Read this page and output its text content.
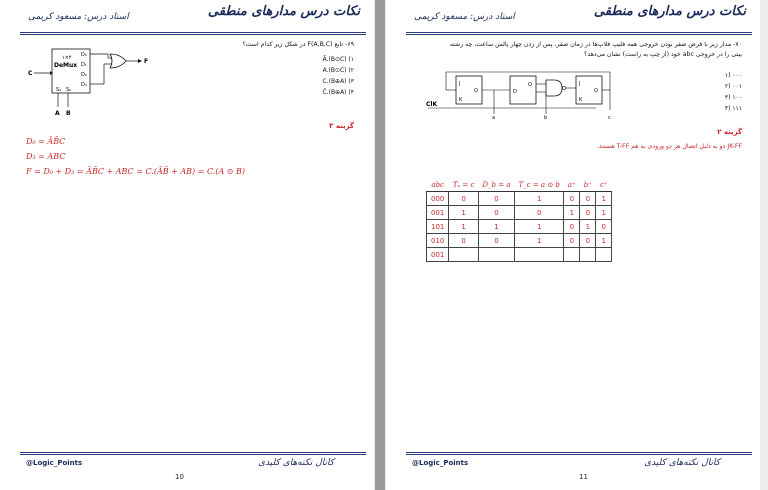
نکات درس مدارهای منطقی
استاد درس: مسعود کریمی
۶۹- تابع F(A,B,C) در شکل زیر کدام است؟
۱×۴
DeMux
D₀
D₁
D₂
D₃
S₁ S₀
F
C
A B
Ā.(B⊙C) (۱
A.(B⊙C) (۲
C.(B⊕A) (۳
C̄.(B⊕A) (۴
گزینه ۳
D₀ = ĀB̄C
D₃ = ABC
F = D₀ + D₃ = ĀB̄C + ABC = C.(ĀB̄ + AB) = C.(A ⊙ B)
@Logic_Points	کانال نکته‌های کلیدی
10
نکات درس مدارهای منطقی
استاد درس: مسعود کریمی
۷۰- مدار زیر با فرض صفر بودن خروجی همه فلیپ فلاپ‌ها در زمان صفر، پس از زدن چهار پالس ساعت، چه رشته
بیتی را در خروجی abc خود (از چپ به راست) نشان می‌دهد؟
J
K
Q	D
Q	J
K
Q
ClK
a	b	c
۰۰۰ (۱
۰۰۱ (۲
۱۰۰ (۳
۱۱۱ (۴
گزینه ۲
JK-FF دو به دلیل اتصال هر دو ورودی به هم T-FF هستند.
abc	Tₐ = c	D_b = a	T_c = a ⊙ b	a⁺	b⁺	c⁺
000	0	0	1	0	0	1
001	1	0	0	1	0	1
101	1	1	1	0	1	0
010	0	0	1	0	0	1
001						
@Logic_Points	کانال نکته‌های کلیدی
11
